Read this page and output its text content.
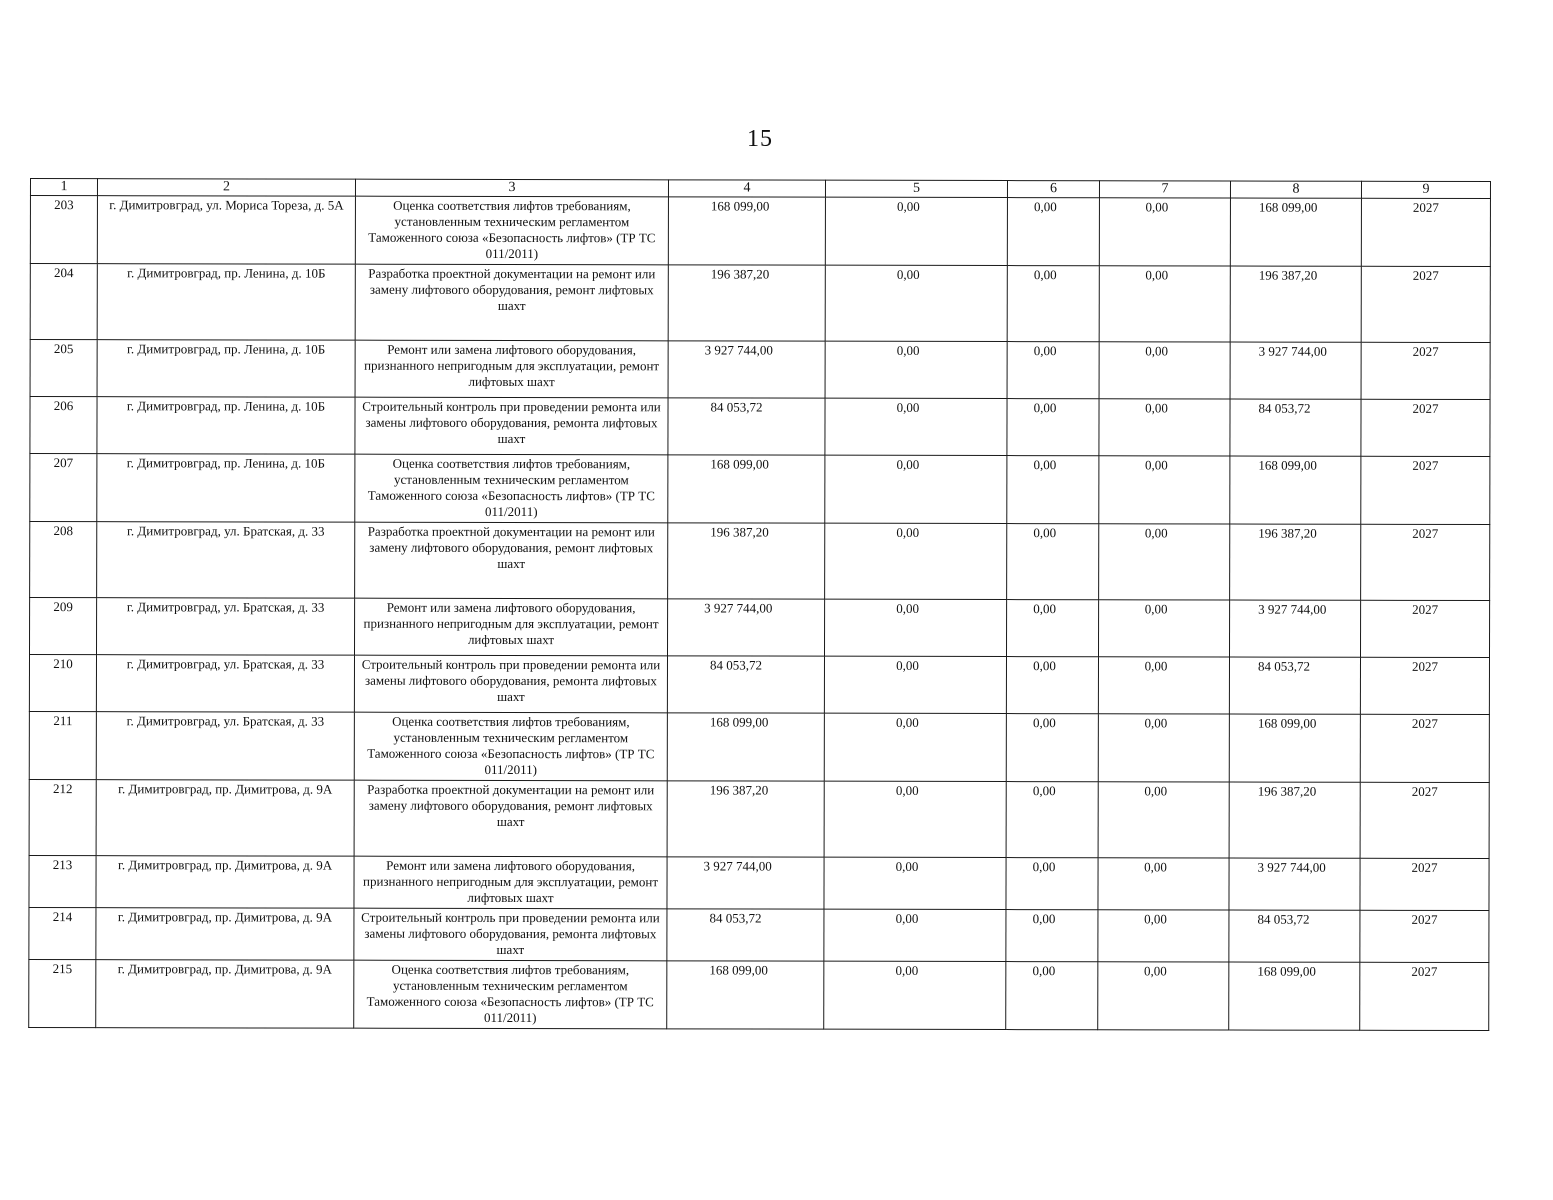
15
1	2	3	4	5	6	7	8	9
203	г. Димитровград, ул. Мориса Тореза, д. 5А	Оценка соответствия лифтов требованиям, установленным техническим регламентом Таможенного союза «Безопасность лифтов» (ТР ТС 011/2011)	168 099,00	0,00	0,00	0,00	168 099,00	2027
204	г. Димитровград, пр. Ленина, д. 10Б	Разработка проектной документации на ремонт или замену лифтового оборудования, ремонт лифтовых шахт	196 387,20	0,00	0,00	0,00	196 387,20	2027
205	г. Димитровград, пр. Ленина, д. 10Б	Ремонт или замена лифтового оборудования, признанного непригодным для эксплуатации, ремонт лифтовых шахт	3 927 744,00	0,00	0,00	0,00	3 927 744,00	2027
206	г. Димитровград, пр. Ленина, д. 10Б	Строительный контроль при проведении ремонта или замены лифтового оборудования, ремонта лифтовых шахт	84 053,72	0,00	0,00	0,00	84 053,72	2027
207	г. Димитровград, пр. Ленина, д. 10Б	Оценка соответствия лифтов требованиям, установленным техническим регламентом Таможенного союза «Безопасность лифтов» (ТР ТС 011/2011)	168 099,00	0,00	0,00	0,00	168 099,00	2027
208	г. Димитровград, ул. Братская, д. 33	Разработка проектной документации на ремонт или замену лифтового оборудования, ремонт лифтовых шахт	196 387,20	0,00	0,00	0,00	196 387,20	2027
209	г. Димитровград, ул. Братская, д. 33	Ремонт или замена лифтового оборудования, признанного непригодным для эксплуатации, ремонт лифтовых шахт	3 927 744,00	0,00	0,00	0,00	3 927 744,00	2027
210	г. Димитровград, ул. Братская, д. 33	Строительный контроль при проведении ремонта или замены лифтового оборудования, ремонта лифтовых шахт	84 053,72	0,00	0,00	0,00	84 053,72	2027
211	г. Димитровград, ул. Братская, д. 33	Оценка соответствия лифтов требованиям, установленным техническим регламентом Таможенного союза «Безопасность лифтов» (ТР ТС 011/2011)	168 099,00	0,00	0,00	0,00	168 099,00	2027
212	г. Димитровград, пр. Димитрова, д. 9А	Разработка проектной документации на ремонт или замену лифтового оборудования, ремонт лифтовых шахт	196 387,20	0,00	0,00	0,00	196 387,20	2027
213	г. Димитровград, пр. Димитрова, д. 9А	Ремонт или замена лифтового оборудования, признанного непригодным для эксплуатации, ремонт лифтовых шахт	3 927 744,00	0,00	0,00	0,00	3 927 744,00	2027
214	г. Димитровград, пр. Димитрова, д. 9А	Строительный контроль при проведении ремонта или замены лифтового оборудования, ремонта лифтовых шахт	84 053,72	0,00	0,00	0,00	84 053,72	2027
215	г. Димитровград, пр. Димитрова, д. 9А	Оценка соответствия лифтов требованиям, установленным техническим регламентом Таможенного союза «Безопасность лифтов» (ТР ТС 011/2011)	168 099,00	0,00	0,00	0,00	168 099,00	2027
